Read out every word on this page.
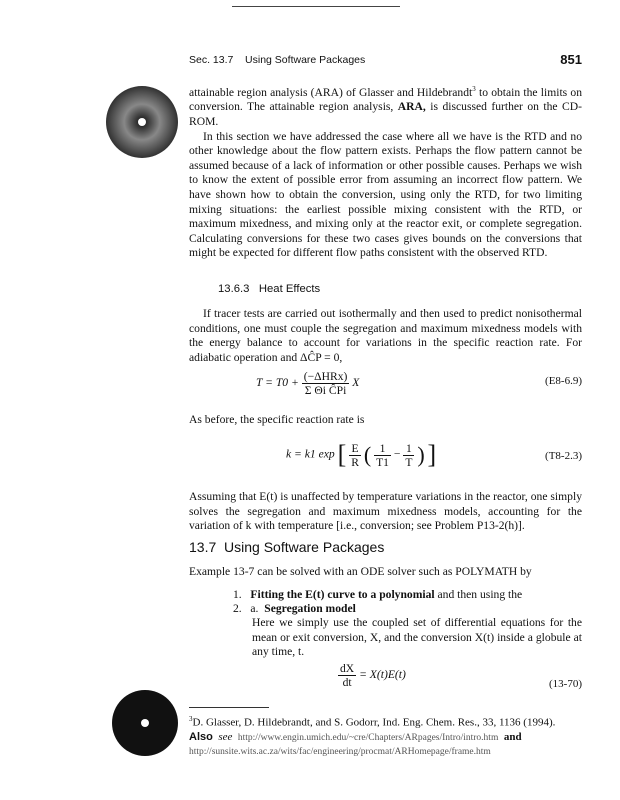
Sec. 13.7 Using Software Packages	851

attainable region analysis (ARA) of Glasser and Hildebrandt$^3$ to obtain the limits on conversion. The attainable region analysis, ARA, is discussed further on the CD-ROM.

In this section we have addressed the case where all we have is the RTD and no other knowledge about the flow pattern exists. Perhaps the flow pattern cannot be assumed because of a lack of information or other possible causes. Perhaps we wish to know the extent of possible error from assuming an incorrect flow pattern. We have shown how to obtain the conversion, using only the RTD, for two limiting mixing situations: the earliest possible mixing consistent with the RTD, or maximum mixedness, and mixing only at the reactor exit, or complete segregation. Calculating conversions for these two cases gives bounds on the conversions that might be expected for different flow paths consistent with the observed RTD.

13.6.3 Heat Effects
If tracer tests are carried out isothermally and then used to predict nonisothermal conditions, one must couple the segregation and maximum mixedness models with the energy balance to account for variations in the specific reaction rate. For adiabatic operation and ΔĈP = 0,
$T = T0 + \frac{\text{(−ΔHRx)}}{\text{Σ Θi ĈPi}}$ X	(E8-6.9)
As before, the specific reaction rate is
k = k1 exp [ $\frac{E}{R}$ ( $\frac{1}{T1} - \frac{1}{T}$ ) ]	(T8-2.3)
Assuming that E(t) is unaffected by temperature variations in the reactor, one simply solves the segregation and maximum mixedness models, accounting for the variation of k with temperature [i.e., conversion; see Problem P13-2(h)].
13.7 Using Software Packages
Example 13-7 can be solved with an ODE solver such as POLYMATH by
1. Fitting the E(t) curve to a polynomial and then using the
2. a. Segregation model
Here we simply use the coupled set of differential equations for the mean or exit conversion, X, and the conversion X(t) inside a globule at any time, t.
$\frac{dX}{dt} = X(t)E(t)$
(13-70)
$^3$D. Glasser, D. Hildebrandt, and S. Godorr, Ind. Eng. Chem. Res., 33, 1136 (1994).
Also see http://www.engin.umich.edu/~cre/Chapters/ARpages/Intro/intro.htm and
http://sunsite.wits.ac.za/wits/fac/engineering/procmat/ARHomepage/frame.htm
